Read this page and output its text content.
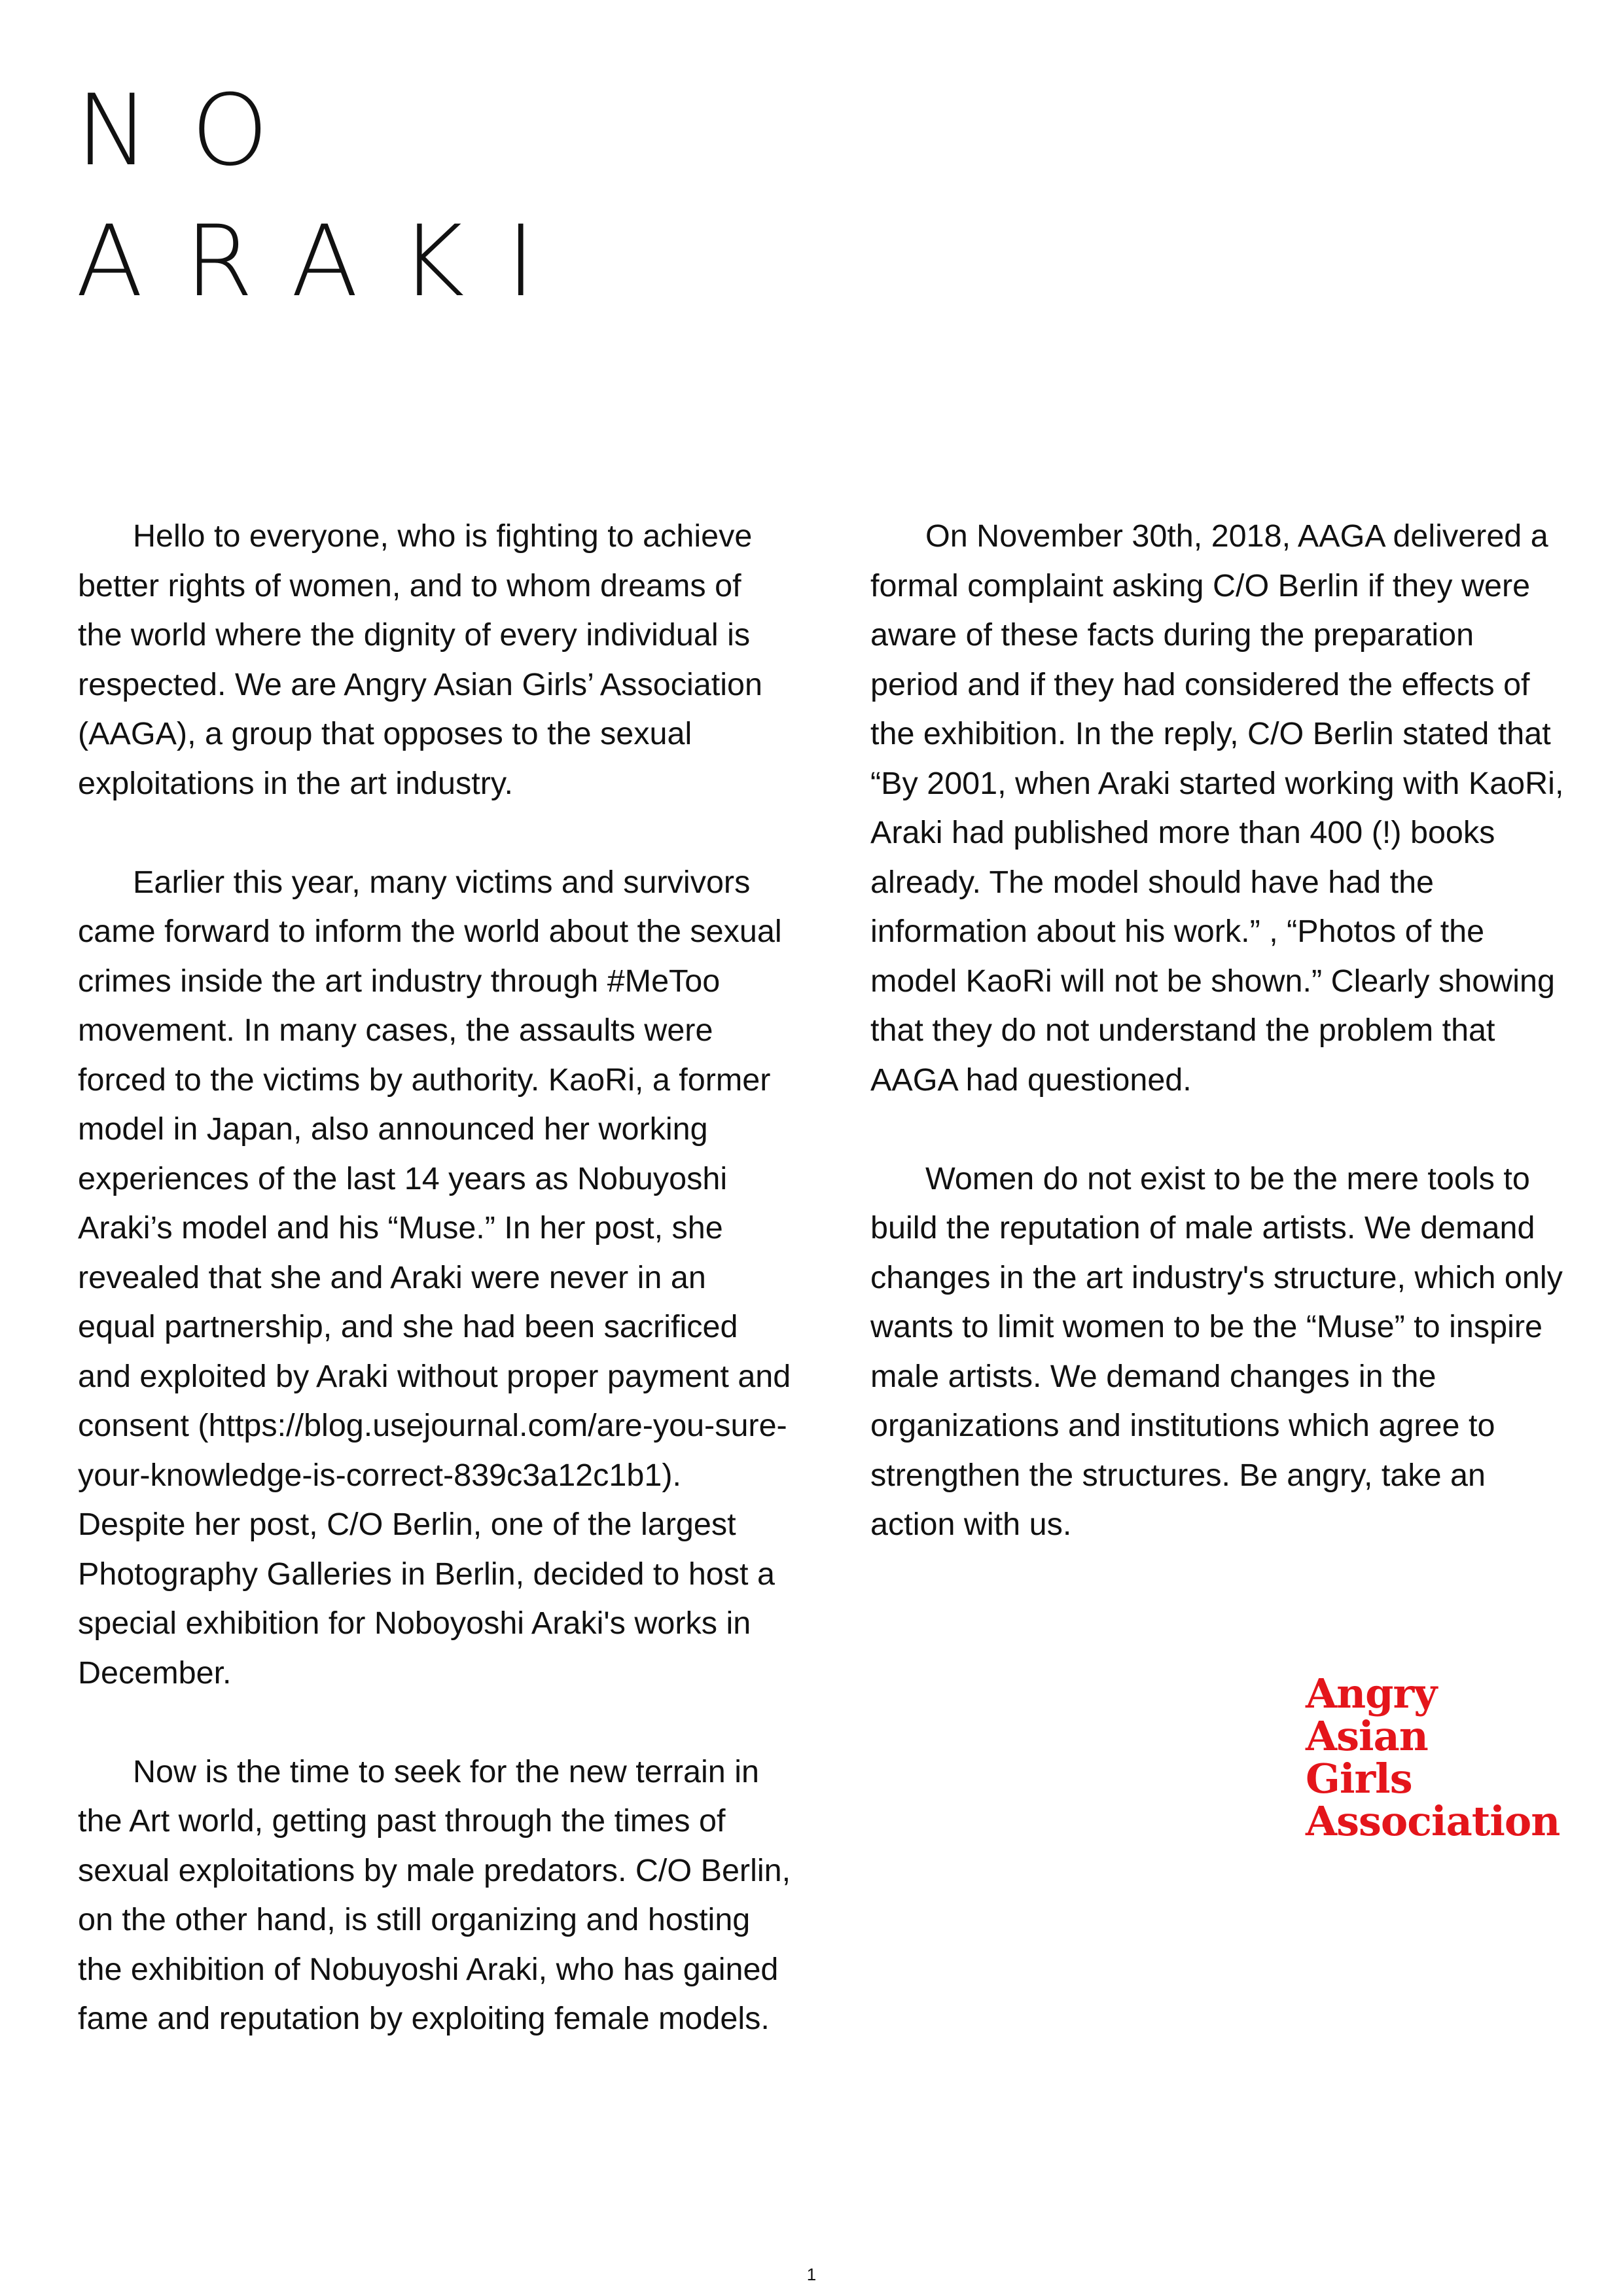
NO
ARAKI

Hello to everyone, who is fighting to achieve better rights of women, and to whom dreams of the world where the dignity of every individual is respected. We are Angry Asian Girls’ Association (AAGA), a group that opposes to the sexual exploitations in the art industry.

Earlier this year, many victims and survivors came forward to inform the world about the sexual crimes inside the art industry through #MeToo movement. In many cases, the assaults were forced to the victims by authority. KaoRi, a former model in Japan, also announced her working experiences of the last 14 years as Nobuyoshi Araki’s model and his “Muse.” In her post, she revealed that she and Araki were never in an equal partnership, and she had been sacrificed and exploited by Araki without proper payment and consent (https://blog.usejournal.com/are-you-sure-your-knowledge-is-correct-839c3a12c1b1). Despite her post, C/O Berlin, one of the largest Photography Galleries in Berlin, decided to host a special exhibition for Noboyoshi Araki's works in December.

Now is the time to seek for the new terrain in the Art world, getting past through the times of sexual exploitations by male predators. C/O Berlin, on the other hand, is still organizing and hosting the exhibition of Nobuyoshi Araki, who has gained fame and reputation by exploiting female models.

On November 30th, 2018, AAGA delivered a formal complaint asking C/O Berlin if they were aware of these facts during the preparation period and if they had considered the effects of the exhibition. In the reply, C/O Berlin stated that “By 2001, when Araki started working with KaoRi, Araki had published more than 400 (!) books already. The model should have had the information about his work.” , “Photos of the model KaoRi will not be shown.” Clearly showing that they do not understand the problem that AAGA had questioned.

Women do not exist to be the mere tools to build the reputation of male artists. We demand changes in the art industry's structure, which only wants to limit women to be the “Muse” to inspire male artists. We demand changes in the organizations and institutions which agree to strengthen the structures. Be angry, take an action with us.

Angry
Asian
Girls
Association
1
